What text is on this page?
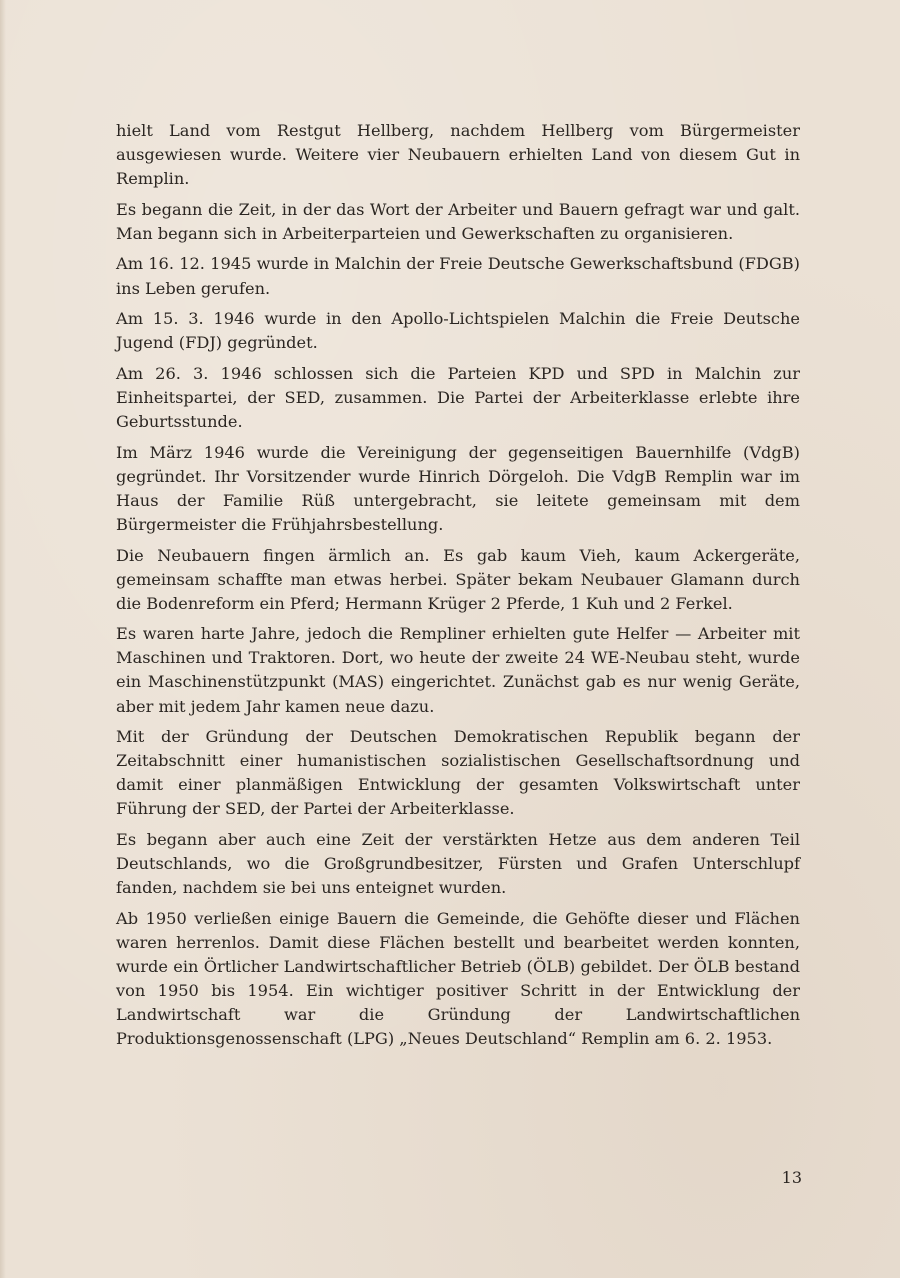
hielt Land vom Restgut Hellberg, nachdem Hellberg vom Bürgermeister ausgewiesen wurde. Weitere vier Neubauern erhielten Land von diesem Gut in Remplin.

Es begann die Zeit, in der das Wort der Arbeiter und Bauern gefragt war und galt. Man begann sich in Arbeiterparteien und Gewerkschaften zu organisieren.

Am 16. 12. 1945 wurde in Malchin der Freie Deutsche Gewerkschaftsbund (FDGB) ins Leben gerufen.

Am 15. 3. 1946 wurde in den Apollo-Lichtspielen Malchin die Freie Deutsche Jugend (FDJ) gegründet.

Am 26. 3. 1946 schlossen sich die Parteien KPD und SPD in Malchin zur Einheitspartei, der SED, zusammen. Die Partei der Arbeiterklasse erlebte ihre Geburtsstunde.

Im März 1946 wurde die Vereinigung der gegenseitigen Bauernhilfe (VdgB) gegründet. Ihr Vorsitzender wurde Hinrich Dörgeloh. Die VdgB Remplin war im Haus der Familie Rüß untergebracht, sie leitete gemeinsam mit dem Bürgermeister die Frühjahrsbestellung.

Die Neubauern fingen ärmlich an. Es gab kaum Vieh, kaum Ackergeräte, gemeinsam schaffte man etwas herbei. Später bekam Neubauer Glamann durch die Bodenreform ein Pferd; Hermann Krüger 2 Pferde, 1 Kuh und 2 Ferkel.

Es waren harte Jahre, jedoch die Rempliner erhielten gute Helfer — Arbeiter mit Maschinen und Traktoren. Dort, wo heute der zweite 24 WE-Neubau steht, wurde ein Maschinenstützpunkt (MAS) eingerichtet. Zunächst gab es nur wenig Geräte, aber mit jedem Jahr kamen neue dazu.

Mit der Gründung der Deutschen Demokratischen Republik begann der Zeitabschnitt einer humanistischen sozialistischen Gesellschaftsordnung und damit einer planmäßigen Entwicklung der gesamten Volkswirtschaft unter Führung der SED, der Partei der Arbeiterklasse.

Es begann aber auch eine Zeit der verstärkten Hetze aus dem anderen Teil Deutschlands, wo die Großgrundbesitzer, Fürsten und Grafen Unterschlupf fanden, nachdem sie bei uns enteignet wurden.

Ab 1950 verließen einige Bauern die Gemeinde, die Gehöfte dieser und Flächen waren herrenlos. Damit diese Flächen bestellt und bearbeitet werden konnten, wurde ein Örtlicher Landwirtschaftlicher Betrieb (ÖLB) gebildet. Der ÖLB bestand von 1950 bis 1954. Ein wichtiger positiver Schritt in der Entwicklung der Landwirtschaft war die Gründung der Landwirtschaftlichen Produktionsgenossenschaft (LPG) „Neues Deutschland“ Remplin am 6. 2. 1953.

13
